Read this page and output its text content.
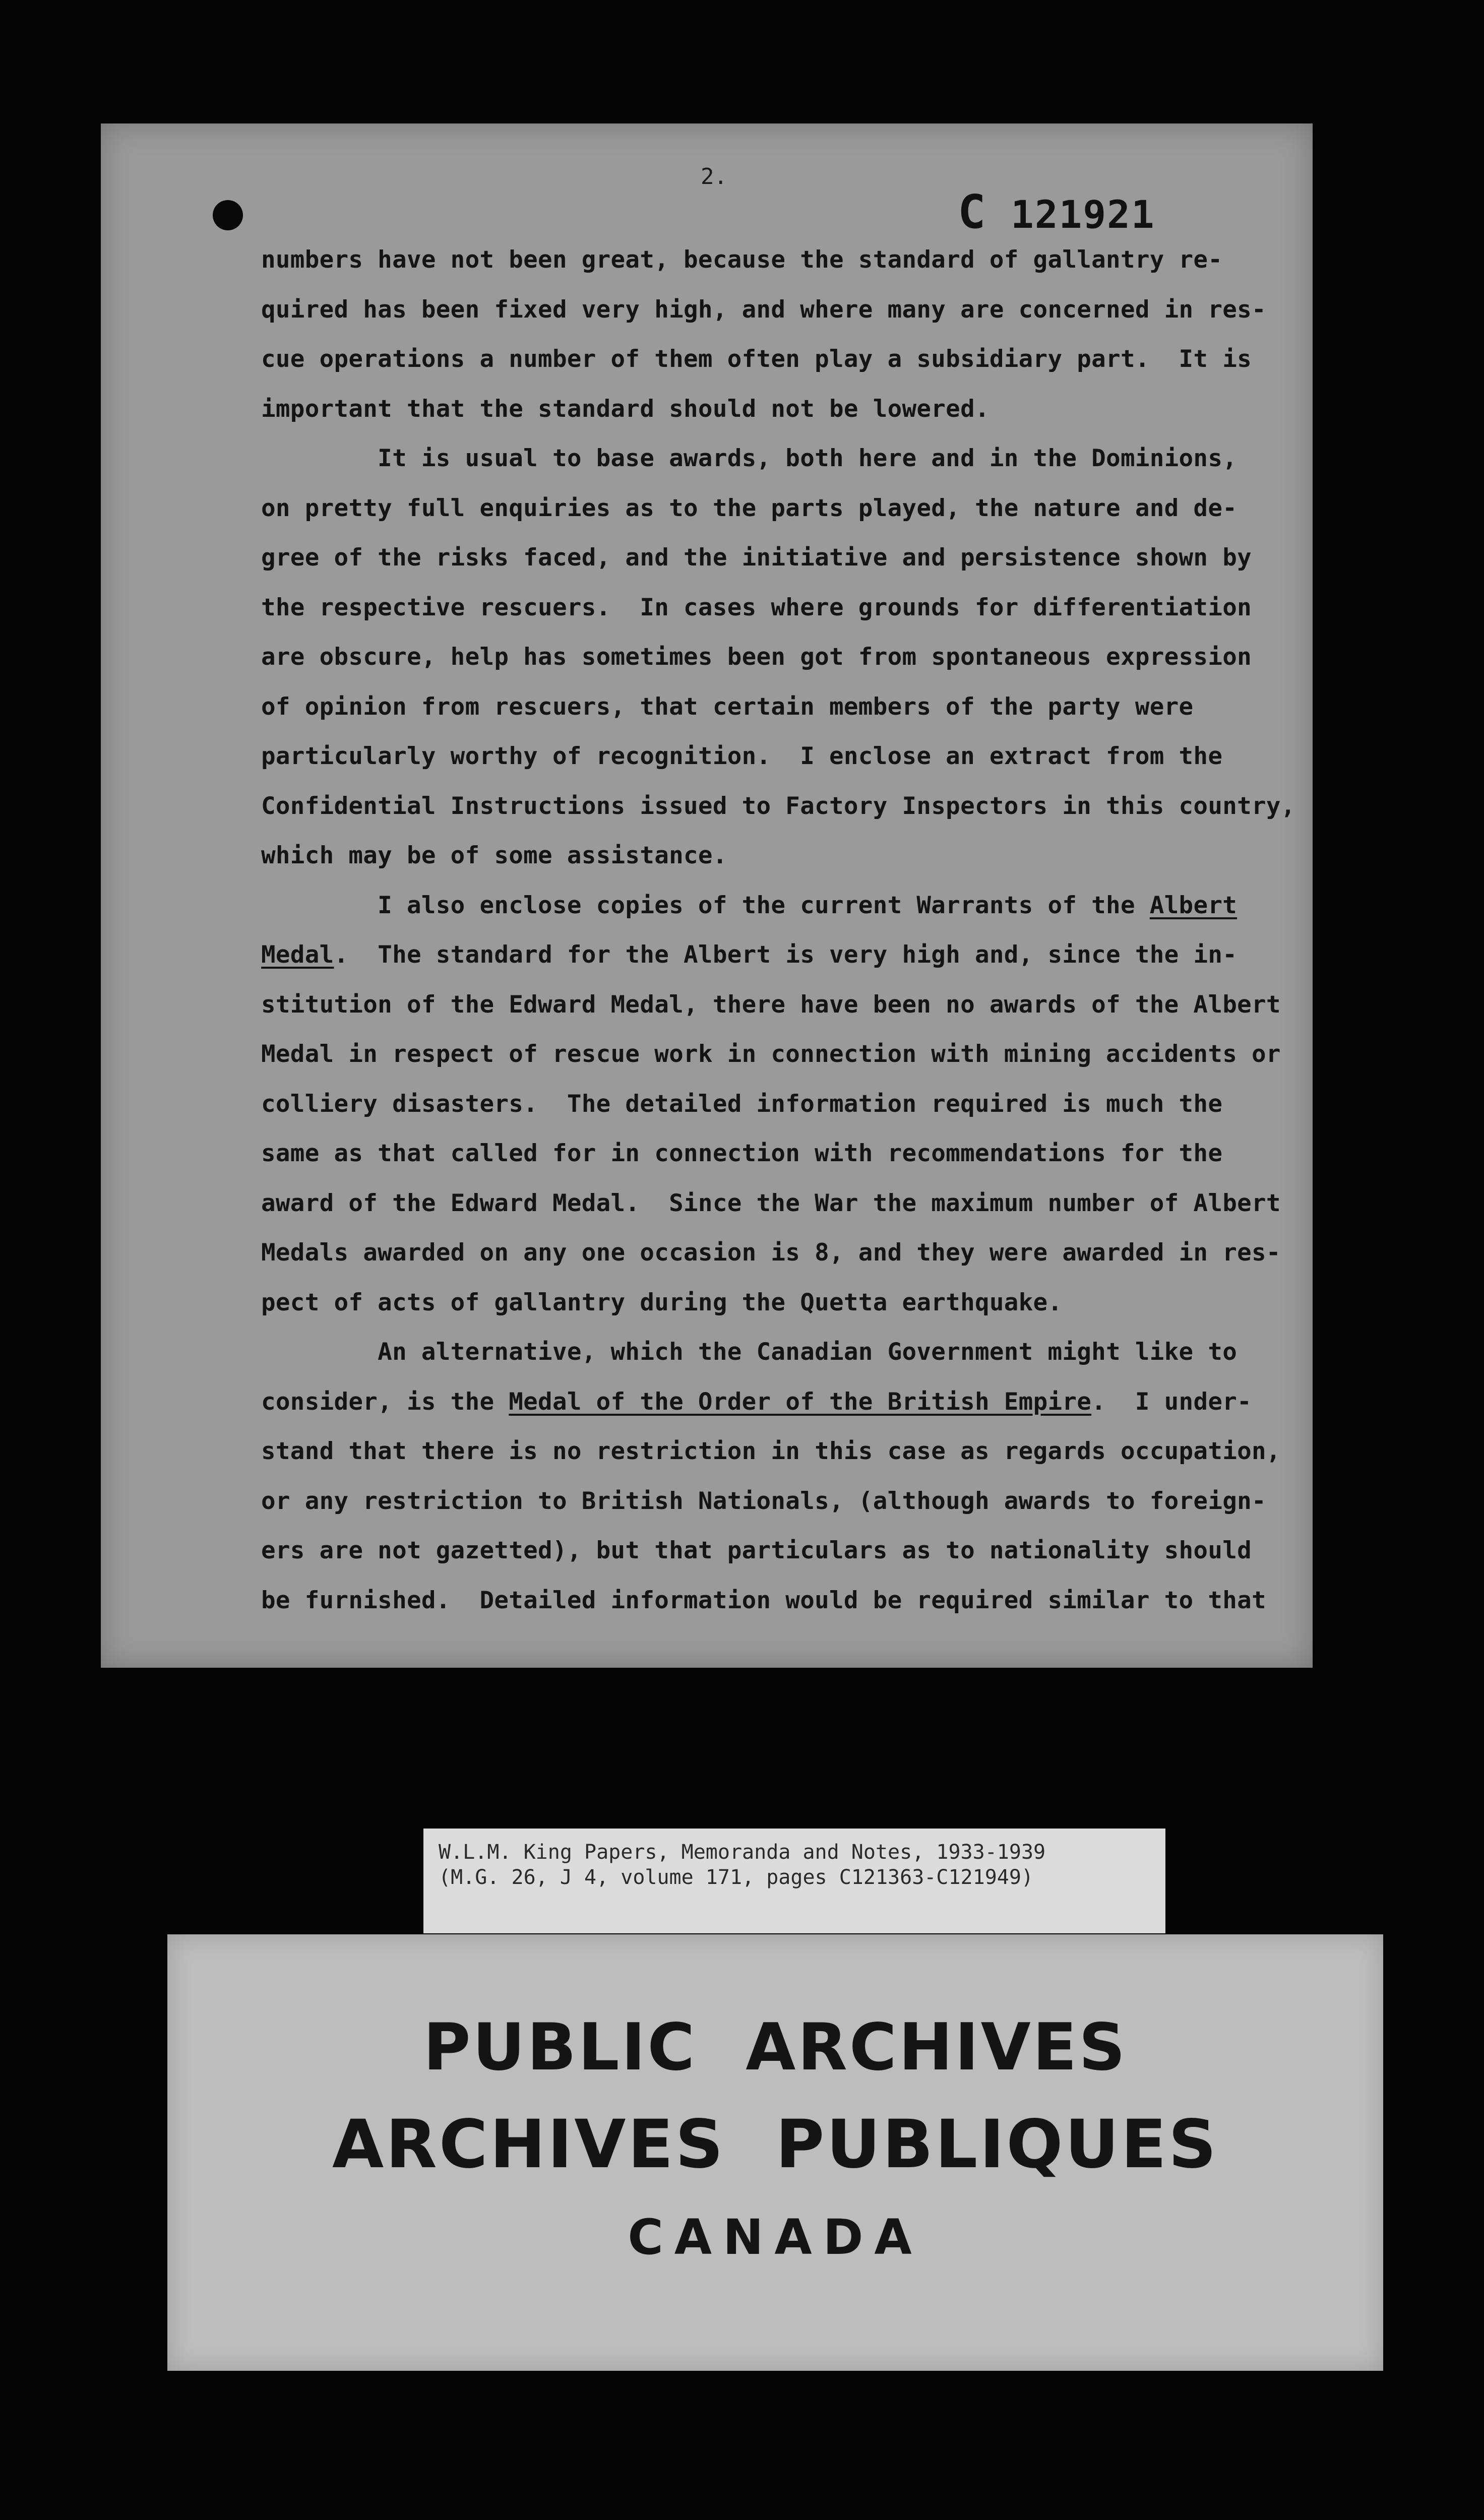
2.
C 121921
numbers have not been great, because the standard of gallantry re-
quired has been fixed very high, and where many are concerned in res-
cue operations a number of them often play a subsidiary part.  It is
important that the standard should not be lowered.
It is usual to base awards, both here and in the Dominions,
on pretty full enquiries as to the parts played, the nature and de-
gree of the risks faced, and the initiative and persistence shown by
the respective rescuers.  In cases where grounds for differentiation
are obscure, help has sometimes been got from spontaneous expression
of opinion from rescuers, that certain members of the party were
particularly worthy of recognition.  I enclose an extract from the
Confidential Instructions issued to Factory Inspectors in this country,
which may be of some assistance.
I also enclose copies of the current Warrants of the Albert
Medal.  The standard for the Albert is very high and, since the in-
stitution of the Edward Medal, there have been no awards of the Albert
Medal in respect of rescue work in connection with mining accidents or
colliery disasters.  The detailed information required is much the
same as that called for in connection with recommendations for the
award of the Edward Medal.  Since the War the maximum number of Albert
Medals awarded on any one occasion is 8, and they were awarded in res-
pect of acts of gallantry during the Quetta earthquake.
An alternative, which the Canadian Government might like to
consider, is the Medal of the Order of the British Empire.  I under-
stand that there is no restriction in this case as regards occupation,
or any restriction to British Nationals, (although awards to foreign-
ers are not gazetted), but that particulars as to nationality should
be furnished.  Detailed information would be required similar to that
W.L.M. King Papers, Memoranda and Notes, 1933-1939
(M.G. 26, J 4, volume 171, pages C121363-C121949)
PUBLIC  ARCHIVES
ARCHIVES  PUBLIQUES
CANADA
